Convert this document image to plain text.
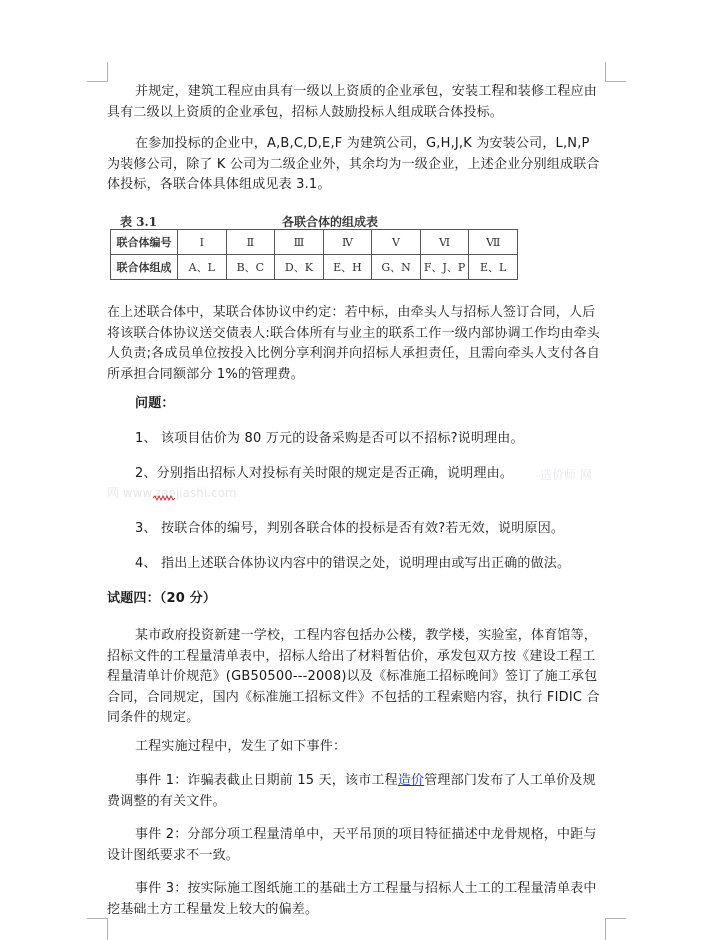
并规定，建筑工程应由具有一级以上资质的企业承包，安装工程和装修工程应由 具有二级以上资质的企业承包，招标人鼓励投标人组成联合体投标。

在参加投标的企业中，A,B,C,D,E,F 为建筑公司，G,H,J,K 为安装公司，L,N,P 为装修公司，除了 K 公司为二级企业外，其余均为一级企业，上述企业分别组成联合体投标，各联合体具体组成见表 3.1。

表 3.1	各联合体的组成表
联合体编号	Ⅰ	Ⅱ	Ⅲ	Ⅳ	Ⅴ	Ⅵ	Ⅶ
联合体组成	A、L	B、C	D、K	E、H	G、N	F、J、P	E、L

在上述联合体中，某联合体协议中约定：若中标，由牵头人与招标人签订合同，人后将该联合体协议送交债表人:联合体所有与业主的联系工作一级内部协调工作均由牵头人负责;各成员单位按投入比例分享利润并向招标人承担责任，且需向牵头人支付各自所承担合同额部分 1%的管理费。

问题：

1、 该项目估价为 80 万元的设备采购是否可以不招标?说明理由。

2、分别指出招标人对投标有关时限的规定是否正确，说明理由。	造价师 网
网 www.zaojiashi.com

3、 按联合体的编号，判别各联合体的投标是否有效?若无效，说明原因。

4、 指出上述联合体协议内容中的错误之处，说明理由或写出正确的做法。

试题四：（20 分）

某市政府投资新建一学校，工程内容包括办公楼，教学楼，实验室，体育馆等，招标文件的工程量清单表中，招标人给出了材料暂估价，承发包双方按《建设工程工程量清单计价规范》(GB50500---2008)以及《标准施工招标晚间》签订了施工承包合同，合同规定，国内《标准施工招标文件》不包括的工程索赔内容，执行 FIDIC 合同条件的规定。

工程实施过程中，发生了如下事件：

事件 1：诈骗表截止日期前 15 天，该市工程造价管理部门发布了人工单价及规费调整的有关文件。

事件 2：分部分项工程量清单中，天平吊顶的项目特征描述中龙骨规格，中距与设计图纸要求不一致。

事件 3：按实际施工图纸施工的基础土方工程量与招标人土工的工程量清单表中挖基础土方工程量发上较大的偏差。
